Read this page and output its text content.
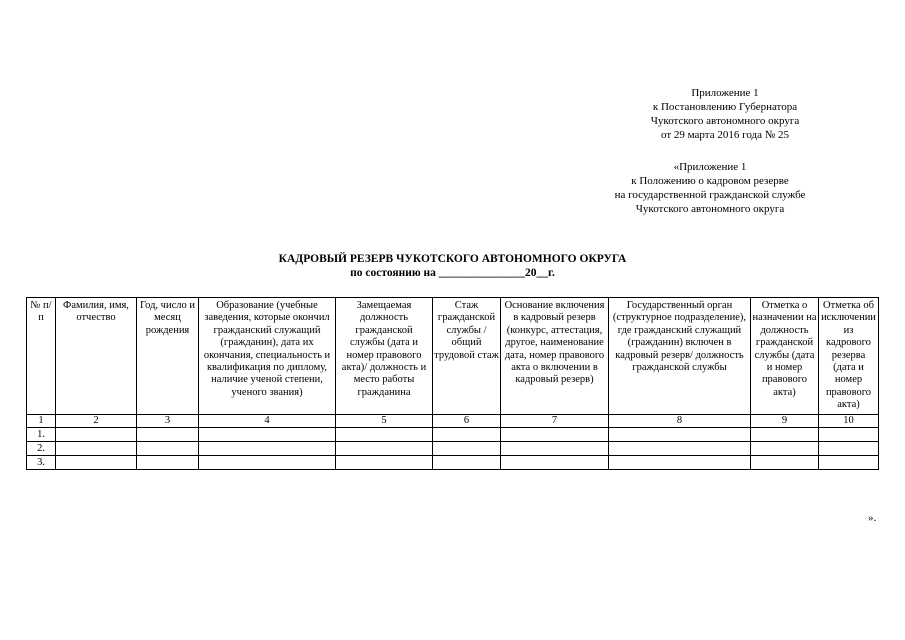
Приложение 1
к Постановлению Губернатора
Чукотского автономного округа
от 29 марта 2016 года № 25
«Приложение 1
к Положению о кадровом резерве
на государственной гражданской службе
Чукотского автономного округа
КАДРОВЫЙ РЕЗЕРВ ЧУКОТСКОГО АВТОНОМНОГО ОКРУГА
по состоянию на _______________20__г.
№ п/п	Фамилия, имя, отчество	Год, число и месяц рождения	Образование (учебные заведения, которые окончил гражданский служащий (гражданин), дата их окончания, специальность и квалификация по диплому, наличие ученой степени, ученого звания)	Замещаемая должность гражданской службы (дата и номер правового акта)/ должность и место работы гражданина	Стаж гражданской службы / общий трудовой стаж	Основание включения в кадровый резерв (конкурс, аттестация, другое, наименование дата, номер правового акта о включении в кадровый резерв)	Государственный орган (структурное подразделение), где гражданский служащий (гражданин) включен в кадровый резерв/ должность гражданской службы	Отметка о назначении на должность гражданской службы (дата и номер правового акта)	Отметка об исключении из кадрового резерва (дата и номер правового акта)
1	2	3	4	5	6	7	8	9	10
1.									
2.									
3.									
».
